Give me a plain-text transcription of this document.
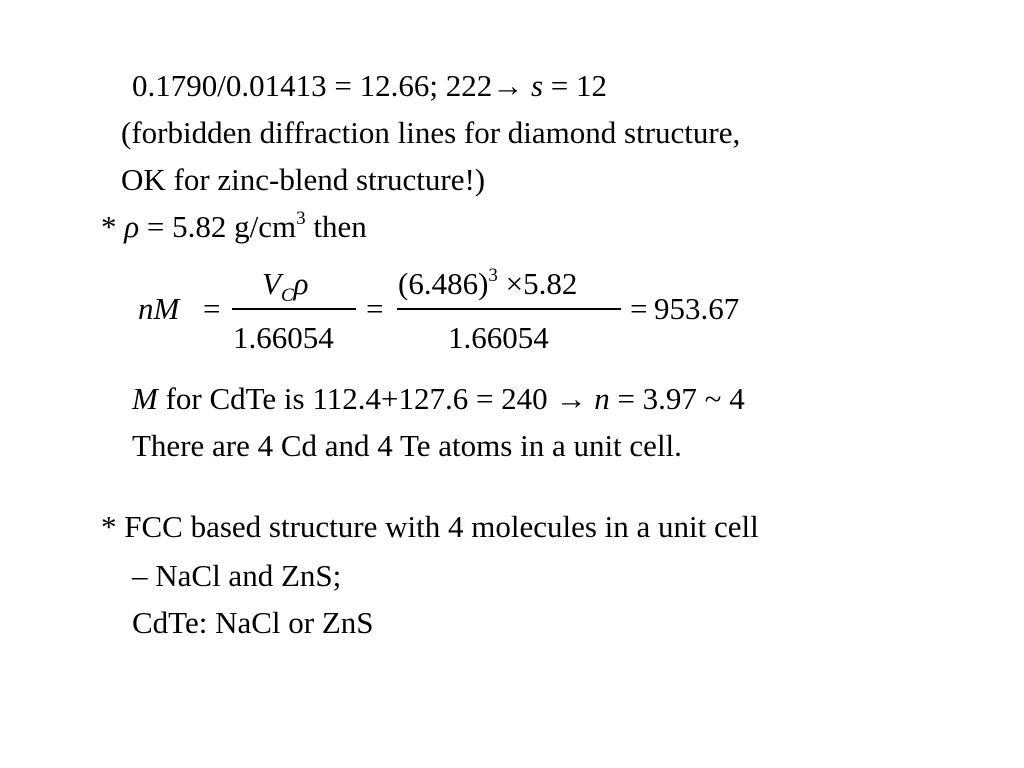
0.1790/0.01413 = 12.66; 222→ s = 12
(forbidden diffraction lines for diamond structure,
OK for zinc-blend structure!)
* ρ = 5.82 $g/cm^3$ then
nM =
$V_C\rho$
1.66054
=
$(6.486)^3 \times 5.82$
1.66054
= 953.67
M for CdTe is 112.4+127.6 = 240 → n = 3.97 ~ 4
There are 4 Cd and 4 Te atoms in a unit cell.
* FCC based structure with 4 molecules in a unit cell
– NaCl and ZnS;
CdTe: NaCl or ZnS
